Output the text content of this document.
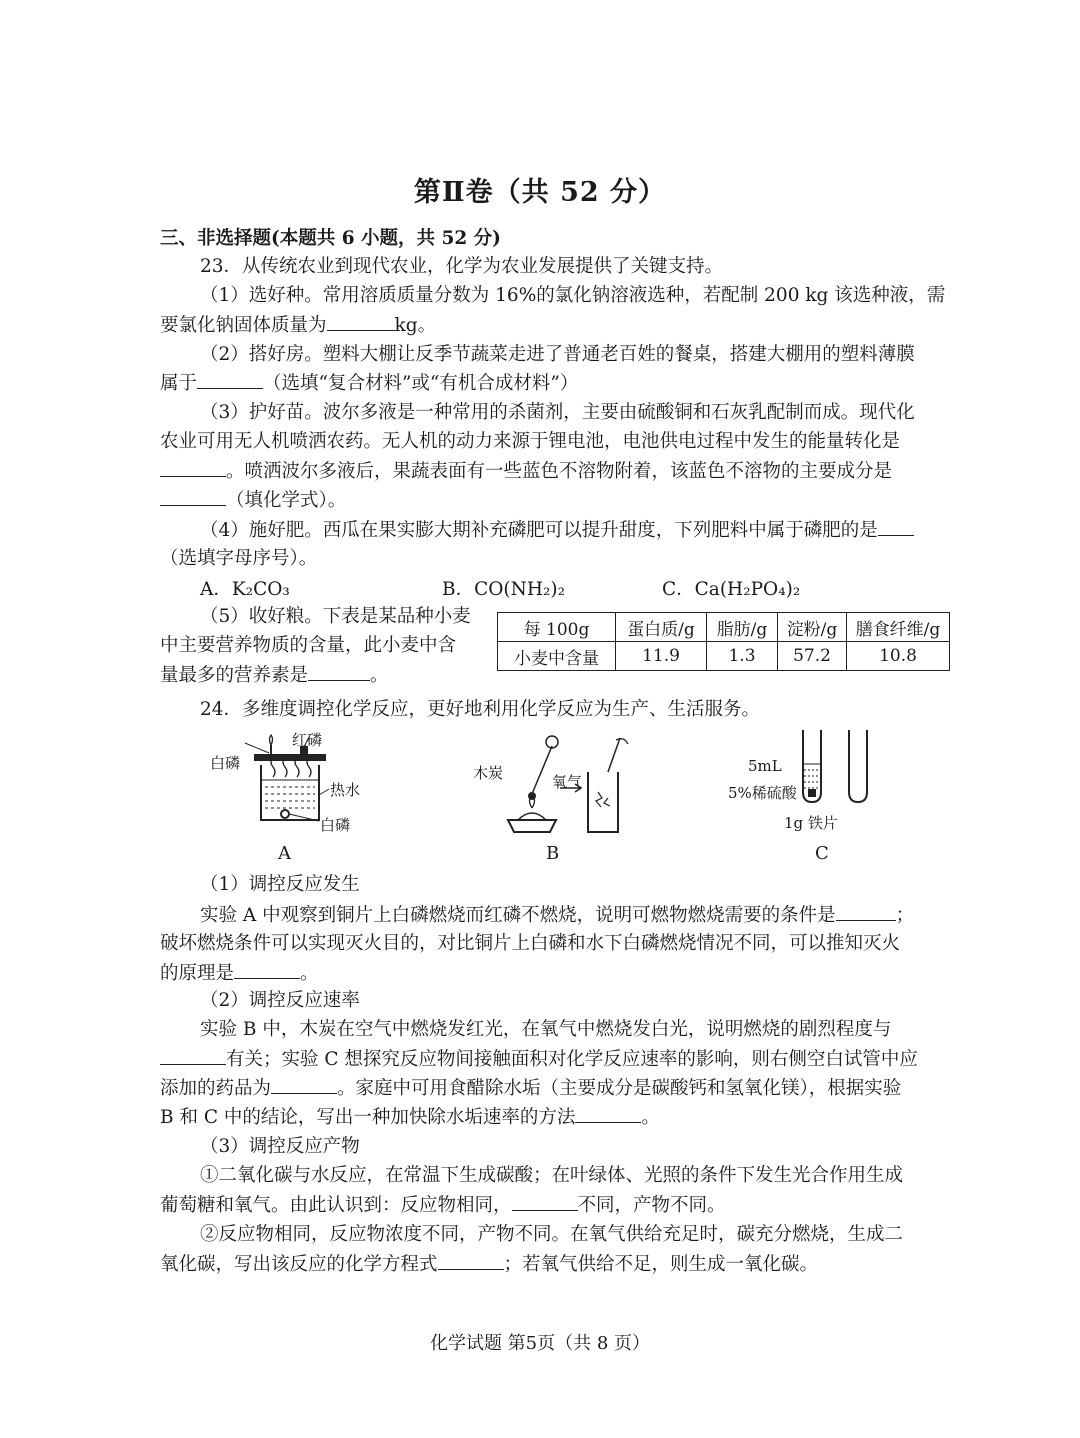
第Ⅱ卷（共 52 分）
三、非选择题(本题共 6 小题，共 52 分)
23．从传统农业到现代农业，化学为农业发展提供了关键支持。
（1）选好种。常用溶质质量分数为 16%的氯化钠溶液选种，若配制 200 kg 该选种液，需
要氯化钠固体质量为	kg。
（2）搭好房。塑料大棚让反季节蔬菜走进了普通老百姓的餐桌，搭建大棚用的塑料薄膜
属于	（选填“复合材料”或“有机合成材料”）
（3）护好苗。波尔多液是一种常用的杀菌剂，主要由硫酸铜和石灰乳配制而成。现代化
农业可用无人机喷洒农药。无人机的动力来源于锂电池，电池供电过程中发生的能量转化是
。喷洒波尔多液后，果蔬表面有一些蓝色不溶物附着，该蓝色不溶物的主要成分是
（填化学式）。
（4）施好肥。西瓜在果实膨大期补充磷肥可以提升甜度，下列肥料中属于磷肥的是
（选填字母序号）。
A．K₂CO₃	B．CO(NH₂)₂	C．Ca(H₂PO₄)₂
（5）收好粮。下表是某品种小麦
中主要营养物质的含量，此小麦中含
量最多的营养素是	。
每 100g	蛋白质/g	脂肪/g	淀粉/g	膳食纤维/g
小麦中含量	11.9	1.3	57.2	10.8
24．多维度调控化学反应，更好地利用化学反应为生产、生活服务。
白磷
红磷
热水
白磷
A
木炭	氧气
B
5mL
5%稀硫酸
1g 铁片
C
（1）调控反应发生
实验 A 中观察到铜片上白磷燃烧而红磷不燃烧，说明可燃物燃烧需要的条件是	；
破坏燃烧条件可以实现灭火目的，对比铜片上白磷和水下白磷燃烧情况不同，可以推知灭火
的原理是	。
（2）调控反应速率
实验 B 中，木炭在空气中燃烧发红光，在氧气中燃烧发白光，说明燃烧的剧烈程度与
有关；实验 C 想探究反应物间接触面积对化学反应速率的影响，则右侧空白试管中应
添加的药品为	。家庭中可用食醋除水垢（主要成分是碳酸钙和氢氧化镁），根据实验
B 和 C 中的结论，写出一种加快除水垢速率的方法	。
（3）调控反应产物
①二氧化碳与水反应，在常温下生成碳酸；在叶绿体、光照的条件下发生光合作用生成
葡萄糖和氧气。由此认识到：反应物相同，	不同，产物不同。
②反应物相同，反应物浓度不同，产物不同。在氧气供给充足时，碳充分燃烧，生成二
氧化碳，写出该反应的化学方程式	；若氧气供给不足，则生成一氧化碳。
化学试题 第5页（共 8 页）
